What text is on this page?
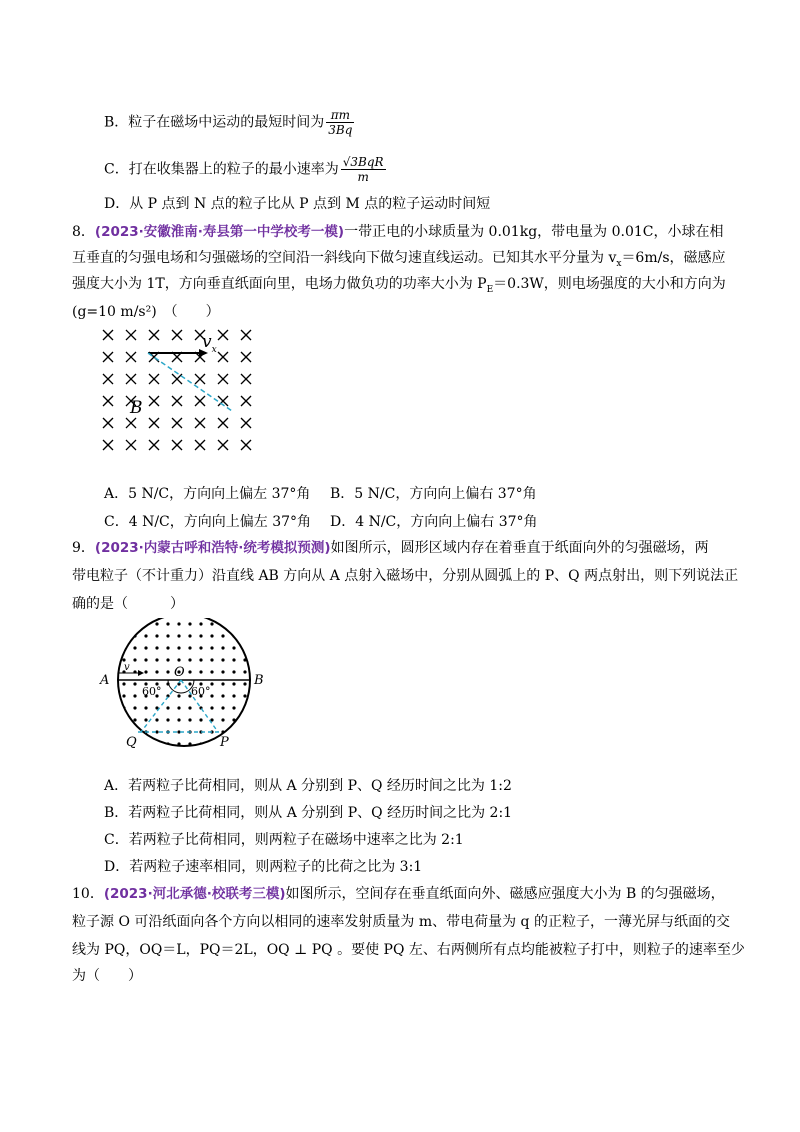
B．粒子在磁场中运动的最短时间为 $\frac{\pi m}{3Bq}$
C．打在收集器上的粒子的最小速率为 $\frac{\text{√3BqR}}{m}$
D．从 P 点到 N 点的粒子比从 P 点到 M 点的粒子运动时间短
8．(2023·安徽淮南·寿县第一中学校考一模)一带正电的小球质量为 0.01kg，带电量为 0.01C，小球在相
互垂直的匀强电场和匀强磁场的空间沿一斜线向下做匀速直线运动。已知其水平分量为 $v_x=6m/s$，磁感应
强度大小为 1T，方向垂直纸面向里，电场力做负功的功率大小为 $P_E=0.3W$，则电场强度的大小和方向为
(g=10 m/s²)　（　　）
$v_x$
B
A．5 N/C，方向向上偏左 37°角 B．5 N/C，方向向上偏右 37°角
C．4 N/C，方向向上偏左 37°角 D．4 N/C，方向向上偏右 37°角
9．(2023·内蒙古呼和浩特·统考模拟预测)如图所示，圆形区域内存在着垂直于纸面向外的匀强磁场，两
带电粒子（不计重力）沿直线 AB 方向从 A 点射入磁场中，分别从圆弧上的 P、Q 两点射出，则下列说法正
确的是（　　　）
A	B
O
Q	P
v
60°	60°
A．若两粒子比荷相同，则从 A 分别到 P、Q 经历时间之比为 1:2
B．若两粒子比荷相同，则从 A 分别到 P、Q 经历时间之比为 2:1
C．若两粒子比荷相同，则两粒子在磁场中速率之比为 2:1
D．若两粒子速率相同，则两粒子的比荷之比为 3:1
10．(2023·河北承德·校联考三模)如图所示，空间存在垂直纸面向外、磁感应强度大小为 B 的匀强磁场，
粒子源 O 可沿纸面向各个方向以相同的速率发射质量为 m、带电荷量为 q 的正粒子，一薄光屏与纸面的交
线为 PQ，OQ＝L，PQ＝2L，OQ ⊥ PQ 。要使 PQ 左、右两侧所有点均能被粒子打中，则粒子的速率至少
为（　　）
